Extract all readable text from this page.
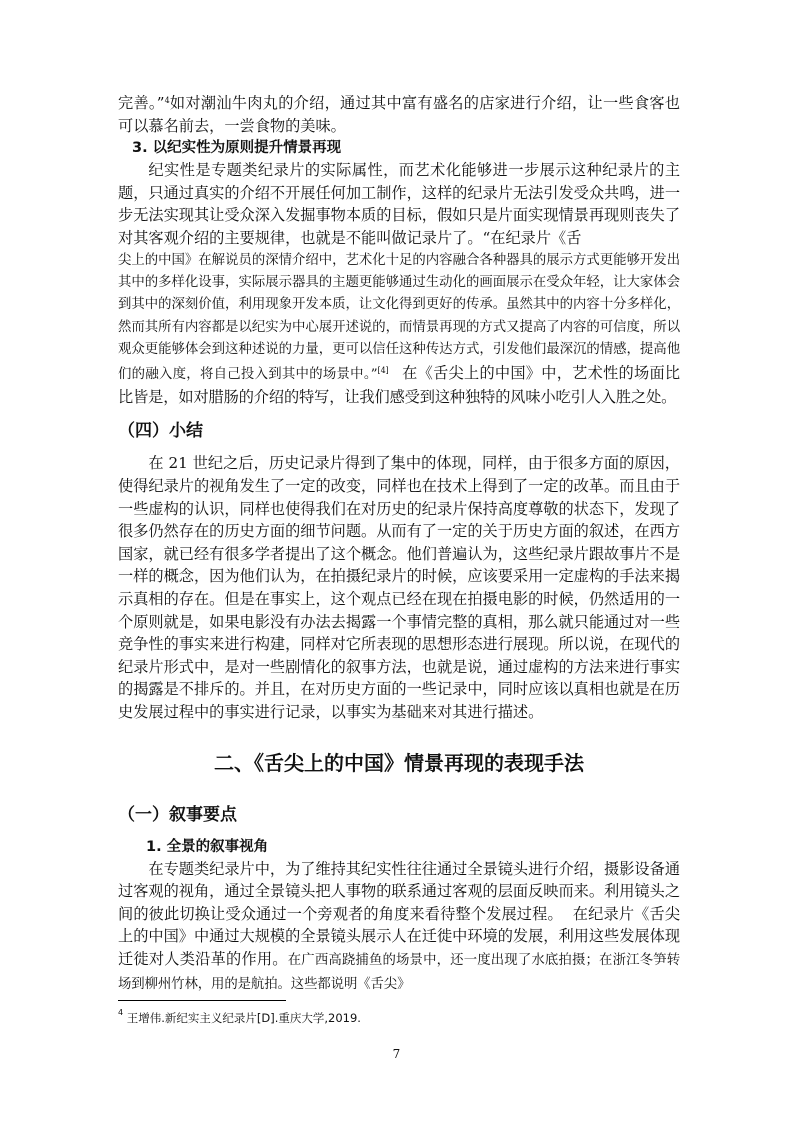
完善。”$^4$如对潮汕牛肉丸的介绍，通过其中富有盛名的店家进行介绍，让一些食客也可以慕名前去，一尝食物的美味。

3. 以纪实性为原则提升情景再现

纪实性是专题类纪录片的实际属性，而艺术化能够进一步展示这种纪录片的主题，只通过真实的介绍不开展任何加工制作，这样的纪录片无法引发受众共鸣，进一步无法实现其让受众深入发掘事物本质的目标，假如只是片面实现情景再现则丧失了对其客观介绍的主要规律，也就是不能叫做记录片了。“在纪录片《舌

尖上的中国》在解说员的深情介绍中，艺术化十足的内容融合各种器具的展示方式更能够开发出其中的多样化设事，实际展示器具的主题更能够通过生动化的画面展示在受众年轻，让大家体会到其中的深刻价值，利用现象开发本质，让文化得到更好的传承。虽然其中的内容十分多样化，然而其所有内容都是以纪实为中心展开述说的，而情景再现的方式又提高了内容的可信度，所以观众更能够体会到这种述说的力量，更可以信任这种传达方式，引发他们最深沉的情感，提高他们的融入度，将自己投入到其中的场景中。”[4] 在《舌尖上的中国》中，艺术性的场面比比皆是，如对腊肠的介绍的特写，让我们感受到这种独特的风味小吃引人入胜之处。

（四）小结

在 21 世纪之后，历史记录片得到了集中的体现，同样，由于很多方面的原因，使得纪录片的视角发生了一定的改变，同样也在技术上得到了一定的改革。而且由于一些虚构的认识，同样也使得我们在对历史的纪录片保持高度尊敬的状态下，发现了很多仍然存在的历史方面的细节问题。从而有了一定的关于历史方面的叙述，在西方国家，就已经有很多学者提出了这个概念。他们普遍认为，这些纪录片跟故事片不是一样的概念，因为他们认为，在拍摄纪录片的时候，应该要采用一定虚构的手法来揭示真相的存在。但是在事实上，这个观点已经在现在拍摄电影的时候，仍然适用的一个原则就是，如果电影没有办法去揭露一个事情完整的真相，那么就只能通过对一些竞争性的事实来进行构建，同样对它所表现的思想形态进行展现。所以说，在现代的纪录片形式中，是对一些剧情化的叙事方法，也就是说，通过虚构的方法来进行事实的揭露是不排斥的。并且，在对历史方面的一些记录中，同时应该以真相也就是在历史发展过程中的事实进行记录，以事实为基础来对其进行描述。

二、《舌尖上的中国》情景再现的表现手法

（一）叙事要点

1. 全景的叙事视角

在专题类纪录片中，为了维持其纪实性往往通过全景镜头进行介绍，摄影设备通过客观的视角，通过全景镜头把人事物的联系通过客观的层面反映而来。利用镜头之间的彼此切换让受众通过一个旁观者的角度来看待整个发展过程。 在纪录片《舌尖上的中国》中通过大规模的全景镜头展示人在迁徙中环境的发展，利用这些发展体现迁徙对人类沿革的作用。在广西高跷捕鱼的场景中，还一度出现了水底拍摄；在浙江冬笋转场到柳州竹林，用的是航拍。这些都说明《舌尖》

$^4$ 王增伟.新纪实主义纪录片[D].重庆大学,2019.
7
